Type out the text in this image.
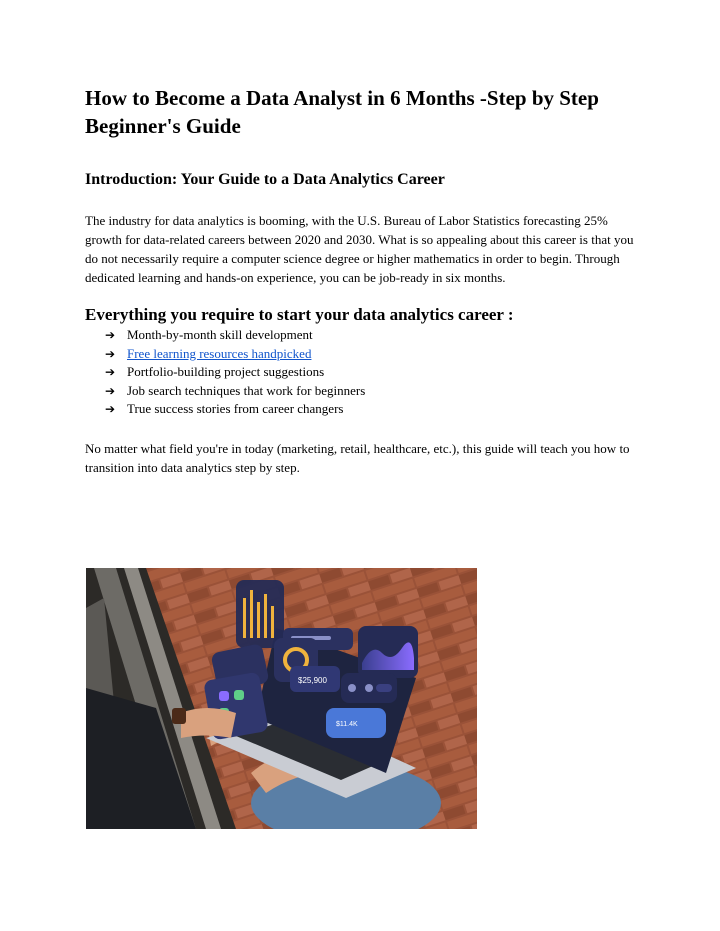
How to Become a Data Analyst in 6 Months -Step by Step Beginner's Guide
Introduction: Your Guide to a Data Analytics Career

The industry for data analytics is booming, with the U.S. Bureau of Labor Statistics forecasting 25% growth for data-related careers between 2020 and 2030. What is so appealing about this career is that you do not necessarily require a computer science degree or higher mathematics in order to begin. Through dedicated learning and hands-on experience, you can be job-ready in six months.

Everything you require to start your data analytics career :
➔ Month-by-month skill development
➔ Free learning resources handpicked
➔ Portfolio-building project suggestions
➔ Job search techniques that work for beginners
➔ True success stories from career changers

No matter what field you're in today (marketing, retail, healthcare, etc.), this guide will teach you how to transition into data analytics step by step.

$25,900
$11.4K
